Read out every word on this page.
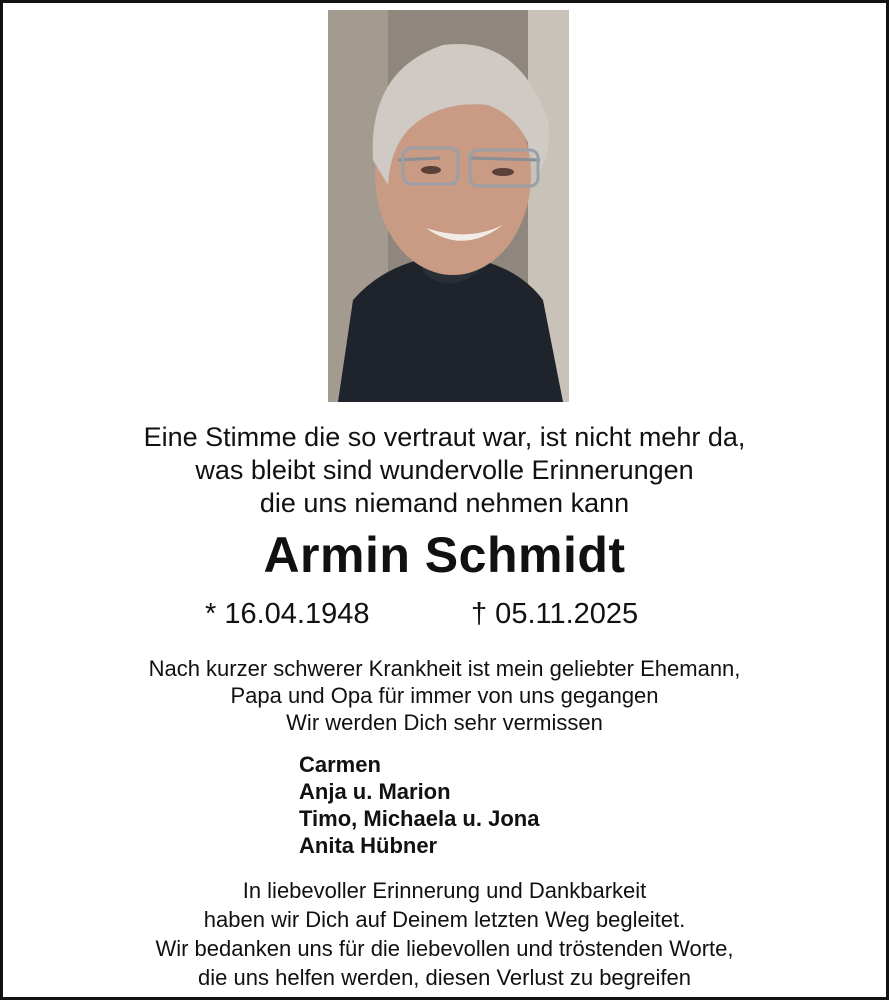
Eine Stimme die so vertraut war, ist nicht mehr da,
was bleibt sind wundervolle Erinnerungen
die uns niemand nehmen kann
Armin Schmidt
* 16.04.1948	† 05.11.2025
Nach kurzer schwerer Krankheit ist mein geliebter Ehemann,
Papa und Opa für immer von uns gegangen
Wir werden Dich sehr vermissen
Carmen
Anja u. Marion
Timo, Michaela u. Jona
Anita Hübner
In liebevoller Erinnerung und Dankbarkeit
haben wir Dich auf Deinem letzten Weg begleitet.
Wir bedanken uns für die liebevollen und tröstenden Worte,
die uns helfen werden, diesen Verlust zu begreifen
